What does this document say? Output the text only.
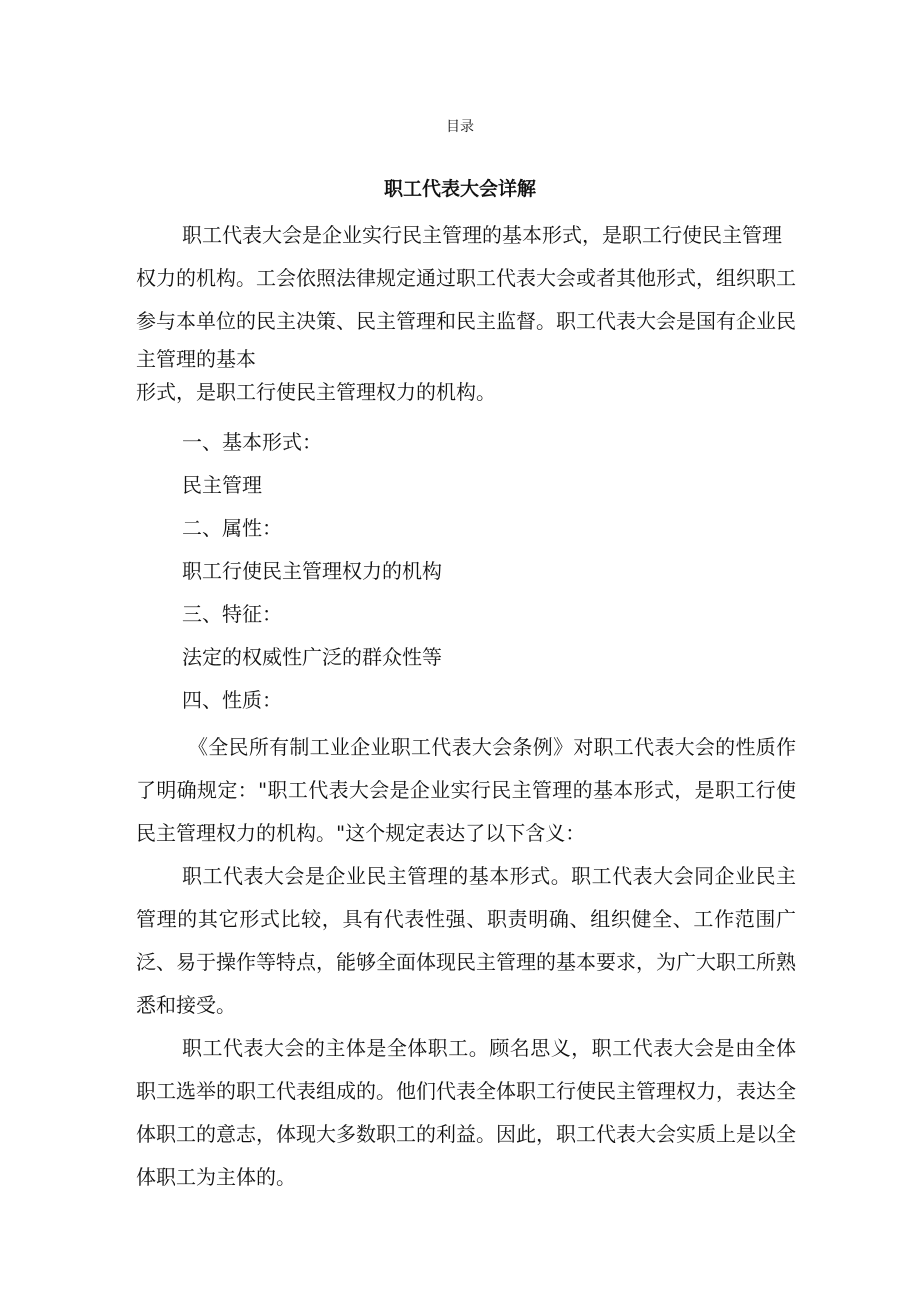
目录
职工代表大会详解

职工代表大会是企业实行民主管理的基本形式，是职工行使民主管理

权力的机构。工会依照法律规定通过职工代表大会或者其他形式，组织职工

参与本单位的民主决策、民主管理和民主监督。职工代表大会是国有企业民

主管理的基本

形式，是职工行使民主管理权力的机构。

一、基本形式：

民主管理

二、属性：

职工行使民主管理权力的机构

三、特征：

法定的权威性广泛的群众性等

四、性质：

《全民所有制工业企业职工代表大会条例》对职工代表大会的性质作了明确规定："职工代表大会是企业实行民主管理的基本形式，是职工行使民主管理权力的机构。"这个规定表达了以下含义：

职工代表大会是企业民主管理的基本形式。职工代表大会同企业民主管理的其它形式比较，具有代表性强、职责明确、组织健全、工作范围广泛、易于操作等特点，能够全面体现民主管理的基本要求，为广大职工所熟悉和接受。

职工代表大会的主体是全体职工。顾名思义，职工代表大会是由全体职工选举的职工代表组成的。他们代表全体职工行使民主管理权力，表达全体职工的意志，体现大多数职工的利益。因此，职工代表大会实质上是以全体职工为主体的。
